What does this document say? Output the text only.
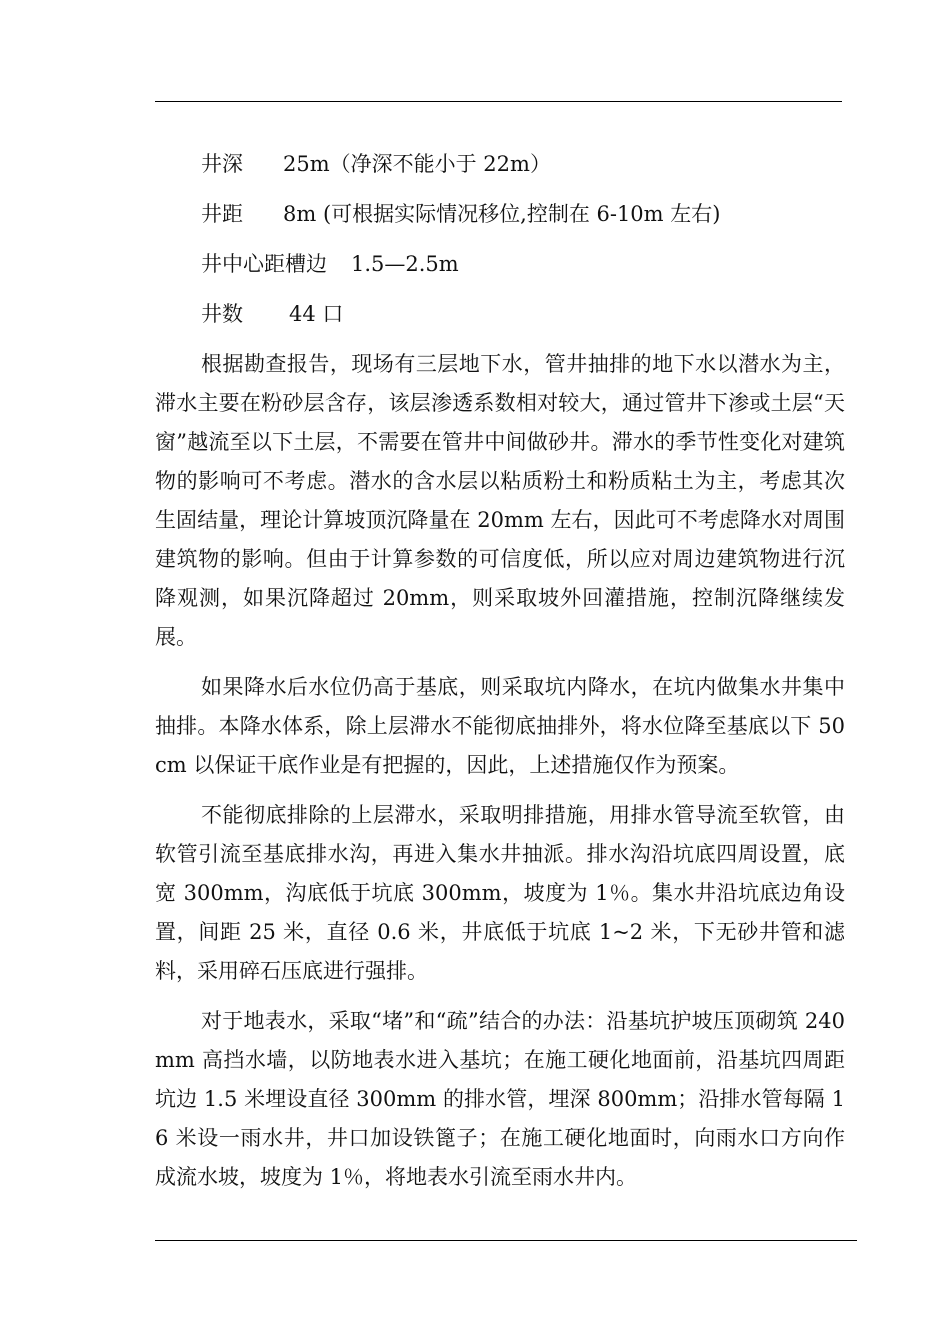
井深 25m（净深不能小于 22m）
井距 8m (可根据实际情况移位,控制在 6-10m 左右)
井中心距槽边 1.5—2.5m
井数 44 口

根据勘查报告，现场有三层地下水，管井抽排的地下水以潜水为主，滞水主要在粉砂层含存，该层渗透系数相对较大，通过管井下渗或土层“天窗”越流至以下土层，不需要在管井中间做砂井。滞水的季节性变化对建筑物的影响可不考虑。潜水的含水层以粘质粉土和粉质粘土为主，考虑其次生固结量，理论计算坡顶沉降量在 20mm 左右，因此可不考虑降水对周围建筑物的影响。但由于计算参数的可信度低，所以应对周边建筑物进行沉降观测，如果沉降超过 20mm，则采取坡外回灌措施，控制沉降继续发展。

如果降水后水位仍高于基底，则采取坑内降水，在坑内做集水井集中抽排。本降水体系，除上层滞水不能彻底抽排外，将水位降至基底以下 50cm 以保证干底作业是有把握的，因此，上述措施仅作为预案。

不能彻底排除的上层滞水，采取明排措施，用排水管导流至软管，由软管引流至基底排水沟，再进入集水井抽派。排水沟沿坑底四周设置，底宽 300mm，沟底低于坑底 300mm，坡度为 1％。集水井沿坑底边角设置，间距 25 米，直径 0.6 米，井底低于坑底 1~2 米，下无砂井管和滤料，采用碎石压底进行强排。

对于地表水，采取“堵”和“疏”结合的办法：沿基坑护坡压顶砌筑 240mm 高挡水墙，以防地表水进入基坑；在施工硬化地面前，沿基坑四周距坑边 1.5 米埋设直径 300mm 的排水管，埋深 800mm；沿排水管每隔 16 米设一雨水井，井口加设铁篦子；在施工硬化地面时，向雨水口方向作成流水坡，坡度为 1％，将地表水引流至雨水井内。
